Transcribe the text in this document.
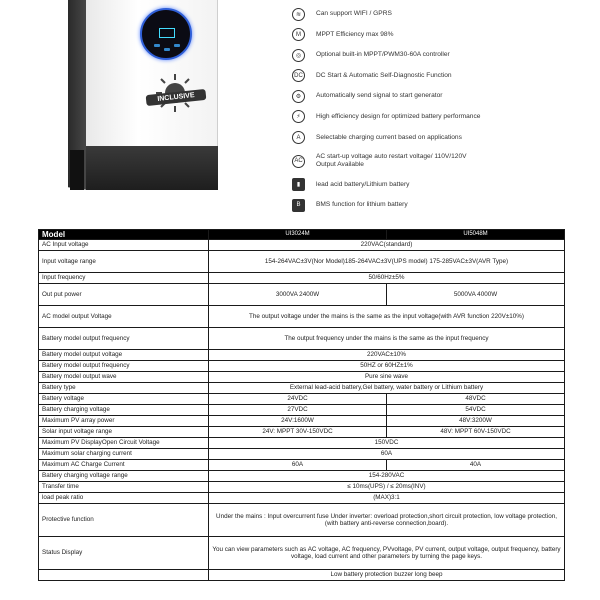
INCLUSIVE
≋	Can support WIFI / GPRS
M	MPPT Efficiency max 98%
◎	Optional built-in MPPT/PWM30-60A controller
DC	DC Start & Automatic Self-Diagnostic Function
⚙	Automatically send signal to start generator
⚡	High efficiency design for optimized battery performance
A	Selectable charging current based on applications
AC
AC start-up voltage auto restart voltage/ 110V/120V Output Available
▮	lead acid battery/Lithium battery
B	BMS function for lithium battery
Model	UI3024M	UI5048M
AC Input voltage	220VAC(standard)	
Input voltage range	154-264VAC±3V(Nor Model)185-264VAC±3V(UPS model) 175-285VAC±3V(AVR Type)	
Input frequency	50/60Hz±5%	
Out put power	3000VA 2400W	5000VA 4000W
AC model output Voltage	The output voltage under the mains is the same as the input voltage(with AVR function 220V±10%)	
Battery model output frequency	The output frequency under the mains is the same as the input frequency	
Battery model output voltage	220VAC±10%	
Battery model output frequency	50HZ or 60HZ±1%	
Battery model output wave	Pure sine wave	
Battery type	External lead-acid battery,Gel battery, water battery or Lithium battery	
Battery voltage	24VDC	48VDC
Battery charging voltage	27VDC	54VDC
Maximum PV array power	24V:1600W	48V:3200W
Solar input voltage range	24V: MPPT 30V-150VDC	48V: MPPT 60V-150VDC
Maximum PV DisplayOpen Circuit Voltage	150VDC	
Maximum solar charging current	60A	
Maximum AC Charge Current	60A	40A
Battery charging voltage range	154-280VAC	
Transfer time	≤ 10ms(UPS) / ≤ 20ms(INV)	
load peak ratio	(MAX)3:1	
Protective function	Under the mains : Input overcurrent fuse Under inverter: overload protection,short circuit protection, low voltage protection, (with battery anti-reverse connection,board).	
Status Display	You can view parameters such as AC voltage, AC frequency, PVvoltage, PV current, output voltage, output frequency, battery voltage, load current and other parameters by turning the page keys.	
	Low battery protection buzzer long beep	
